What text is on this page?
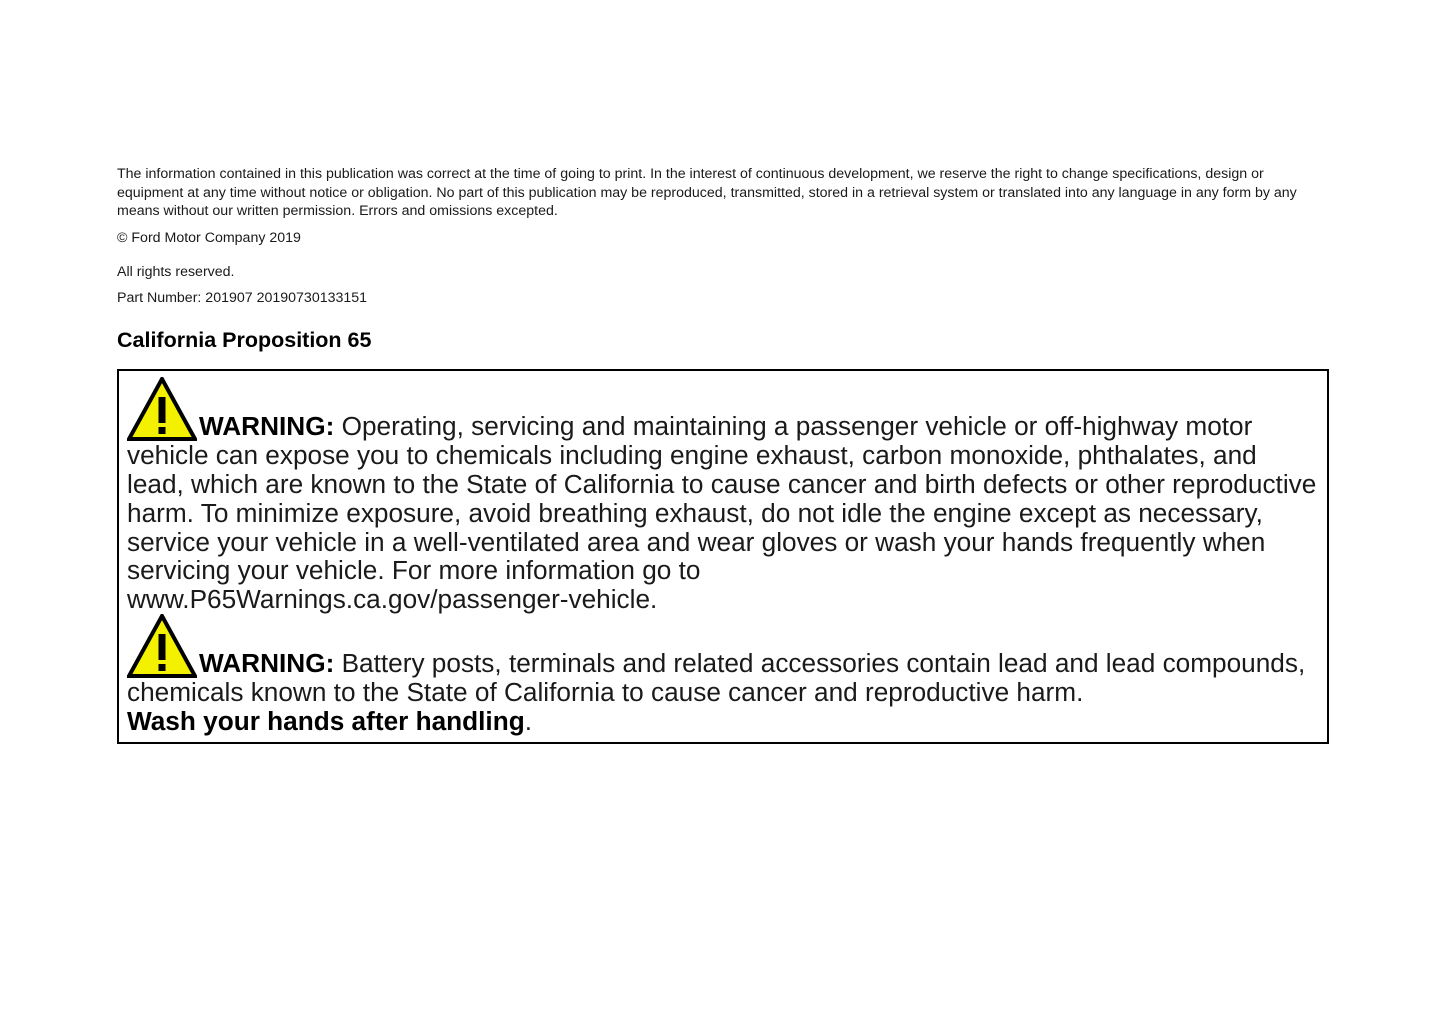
The information contained in this publication was correct at the time of going to print. In the interest of continuous development, we reserve the right to change specifications, design or equipment at any time without notice or obligation. No part of this publication may be reproduced, transmitted, stored in a retrieval system or translated into any language in any form by any means without our written permission. Errors and omissions excepted.

© Ford Motor Company 2019

All rights reserved.

Part Number: 201907 20190730133151

California Proposition 65

WARNING: Operating, servicing and maintaining a passenger vehicle or off-highway motor vehicle can expose you to chemicals including engine exhaust, carbon monoxide, phthalates, and lead, which are known to the State of California to cause cancer and birth defects or other reproductive harm. To minimize exposure, avoid breathing exhaust, do not idle the engine except as necessary, service your vehicle in a well-ventilated area and wear gloves or wash your hands frequently when servicing your vehicle. For more information go to
www.P65Warnings.ca.gov/passenger-vehicle.

WARNING: Battery posts, terminals and related accessories contain lead and lead compounds, chemicals known to the State of California to cause cancer and reproductive harm.
Wash your hands after handling.
